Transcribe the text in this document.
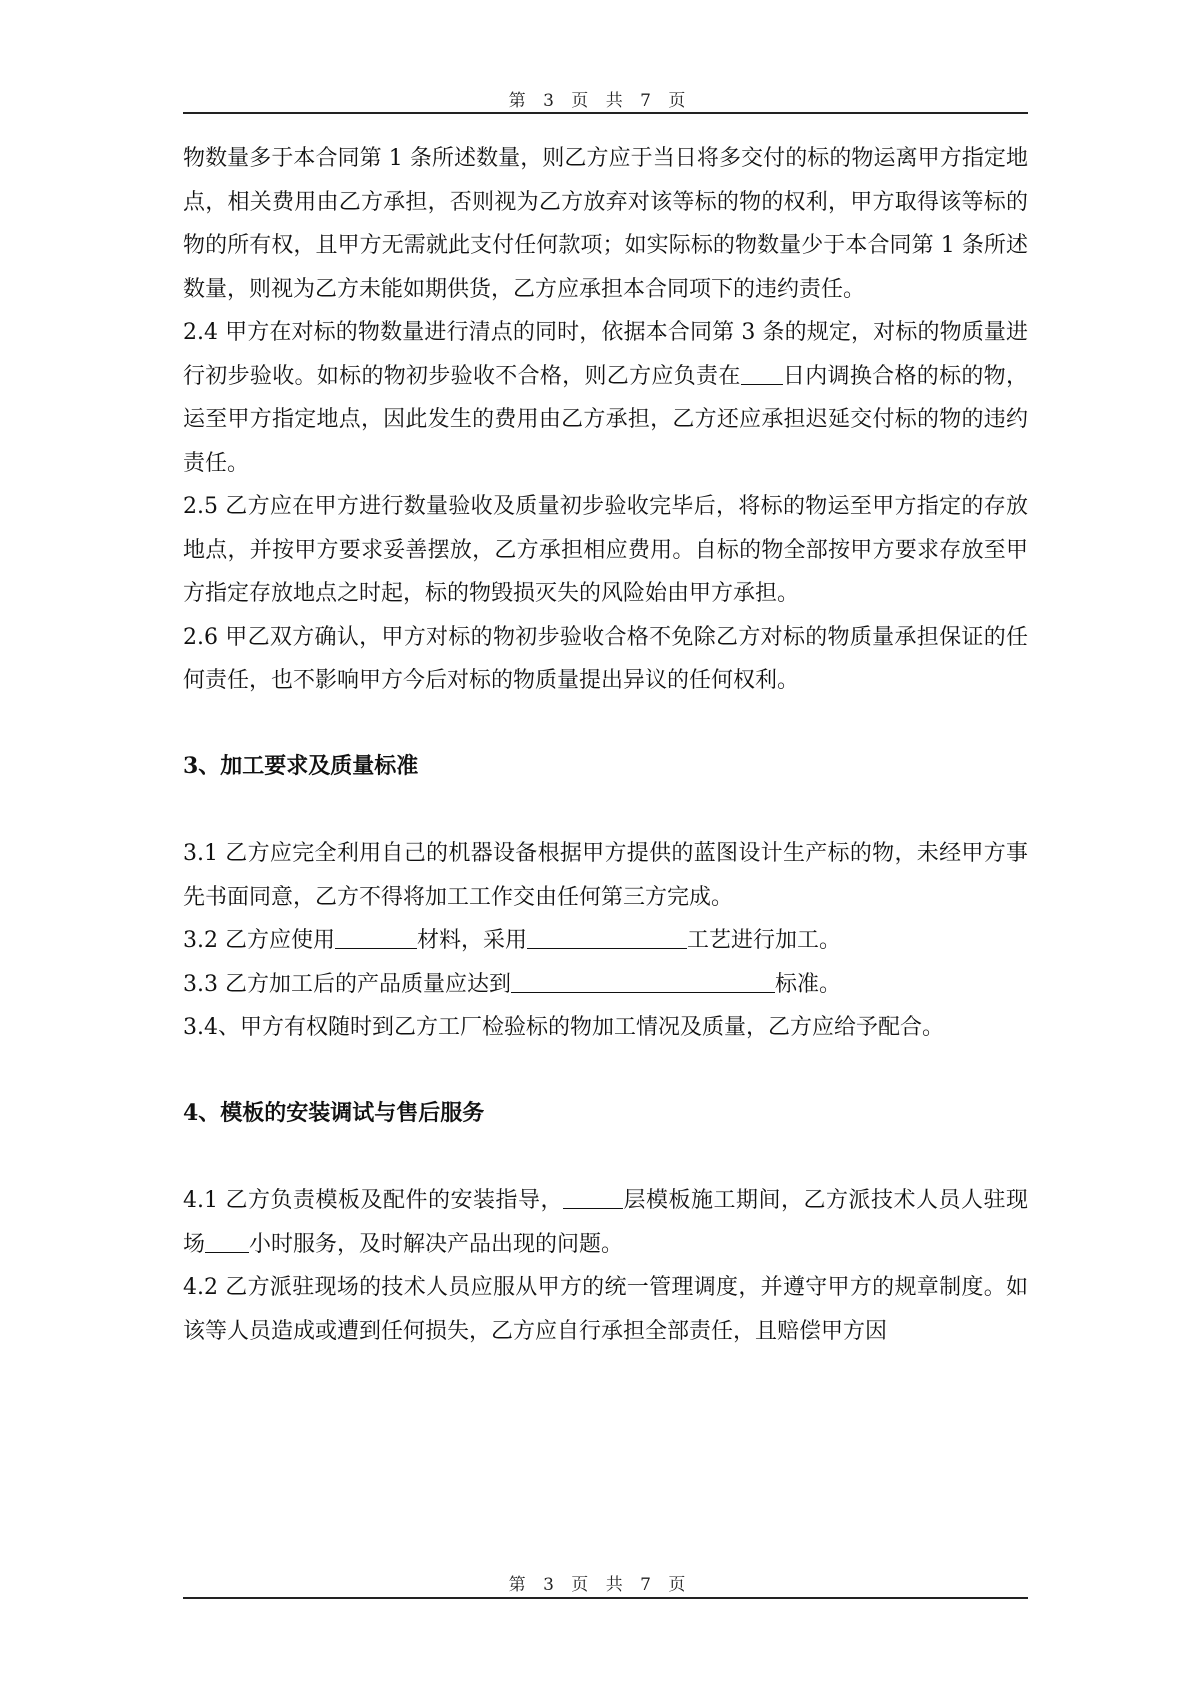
第 3 页 共 7 页

物数量多于本合同第 1 条所述数量，则乙方应于当日将多交付的标的物运离甲方指定地点，相关费用由乙方承担，否则视为乙方放弃对该等标的物的权利，甲方取得该等标的物的所有权，且甲方无需就此支付任何款项；如实际标的物数量少于本合同第 1 条所述数量，则视为乙方未能如期供货，乙方应承担本合同项下的违约责任。

2.4 甲方在对标的物数量进行清点的同时，依据本合同第 3 条的规定，对标的物质量进行初步验收。如标的物初步验收不合格，则乙方应负责在 日内调换合格的标的物，运至甲方指定地点，因此发生的费用由乙方承担，乙方还应承担迟延交付标的物的违约责任。

2.5 乙方应在甲方进行数量验收及质量初步验收完毕后，将标的物运至甲方指定的存放地点，并按甲方要求妥善摆放，乙方承担相应费用。自标的物全部按甲方要求存放至甲方指定存放地点之时起，标的物毁损灭失的风险始由甲方承担。

2.6 甲乙双方确认，甲方对标的物初步验收合格不免除乙方对标的物质量承担保证的任何责任，也不影响甲方今后对标的物质量提出异议的任何权利。

3、加工要求及质量标准

3.1 乙方应完全利用自己的机器设备根据甲方提供的蓝图设计生产标的物，未经甲方事先书面同意，乙方不得将加工工作交由任何第三方完成。

3.2 乙方应使用	材料，采用	工艺进行加工。

3.3 乙方加工后的产品质量应达到	标准。

3.4、甲方有权随时到乙方工厂检验标的物加工情况及质量，乙方应给予配合。

4、模板的安装调试与售后服务

4.1 乙方负责模板及配件的安装指导，	层模板施工期间，乙方派技术人员人驻现场 小时服务，及时解决产品出现的问题。

4.2 乙方派驻现场的技术人员应服从甲方的统一管理调度，并遵守甲方的规章制度。如该等人员造成或遭到任何损失，乙方应自行承担全部责任，且赔偿甲方因

第 3 页 共 7 页
